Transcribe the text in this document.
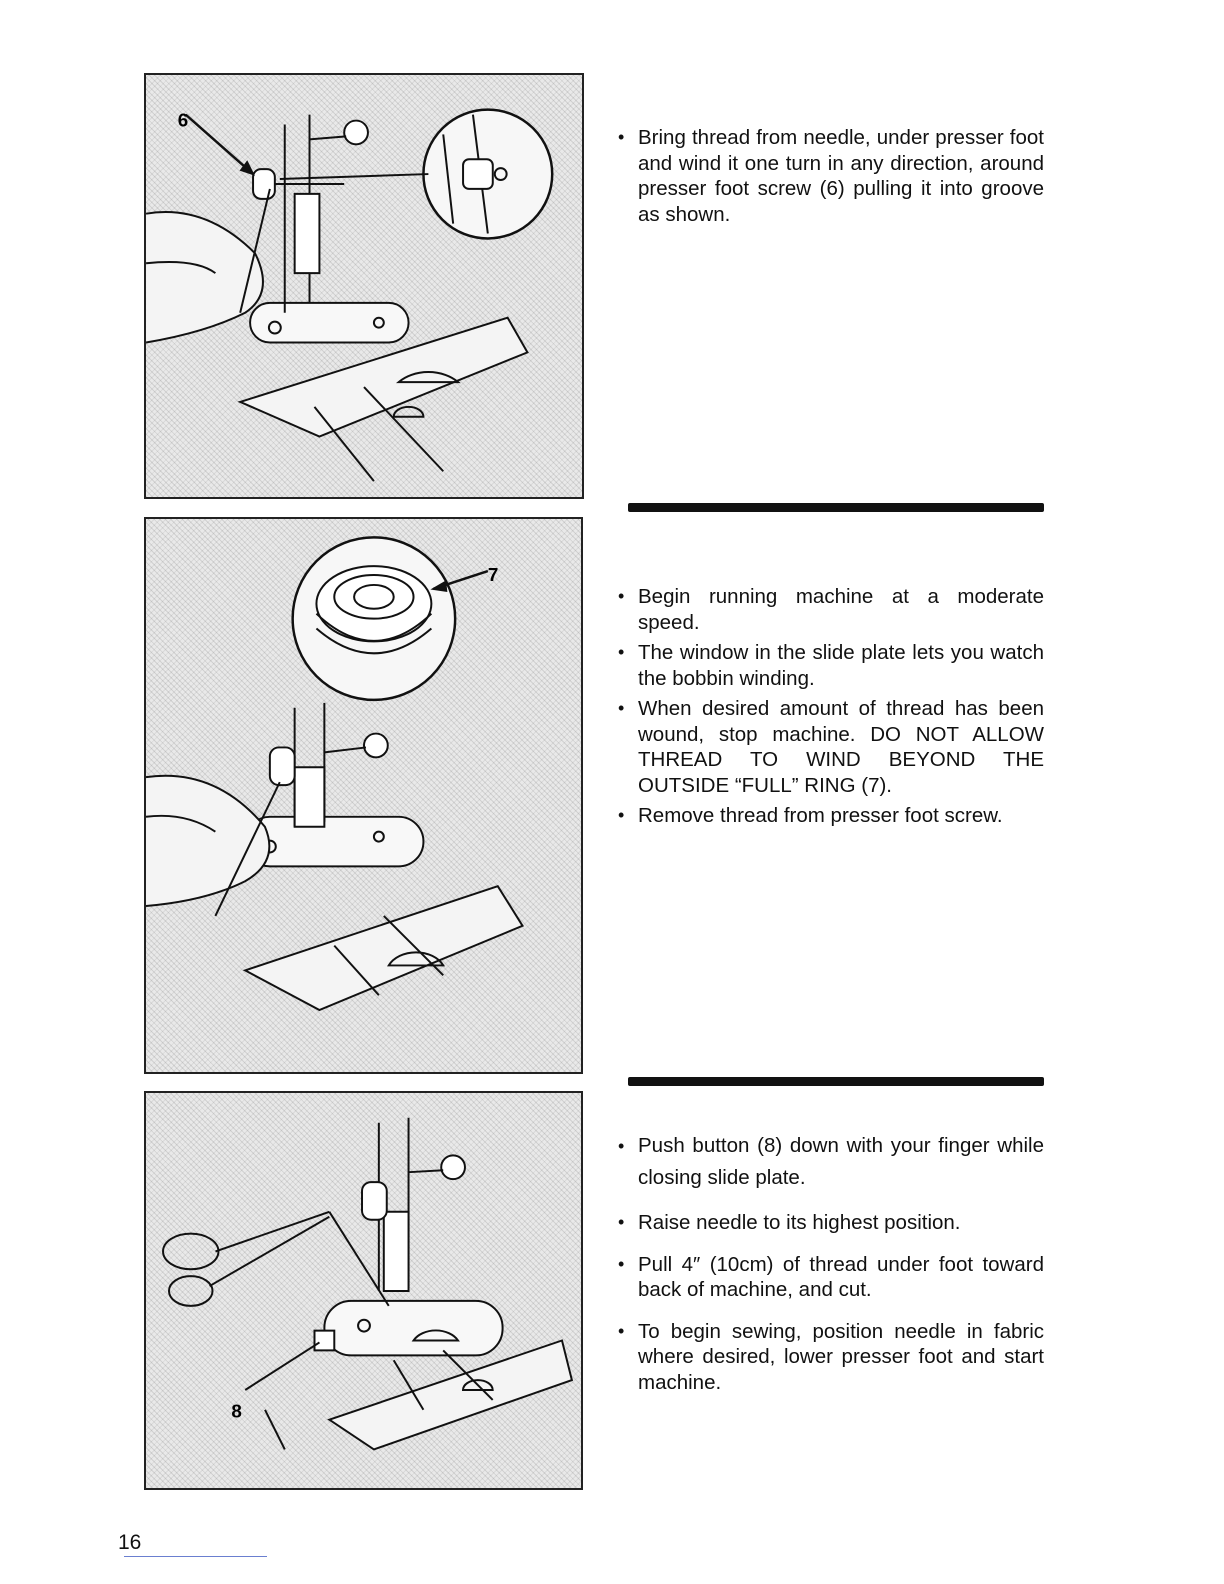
6
• Bring thread from needle, under presser foot and wind it one turn in any direction, around presser foot screw (6) pulling it into groove as shown.
7
• Begin running machine at a moderate speed.
• The window in the slide plate lets you watch the bobbin winding.
• When desired amount of thread has been wound, stop machine. DO NOT ALLOW THREAD TO WIND BEYOND THE OUTSIDE “FULL” RING (7).
• Remove thread from presser foot screw.
8
• Push button (8) down with your finger while closing slide plate.
• Raise needle to its highest position.
• Pull 4″ (10cm) of thread under foot toward back of machine, and cut.
• To begin sewing, position needle in fabric where desired, lower presser foot and start machine.
16
